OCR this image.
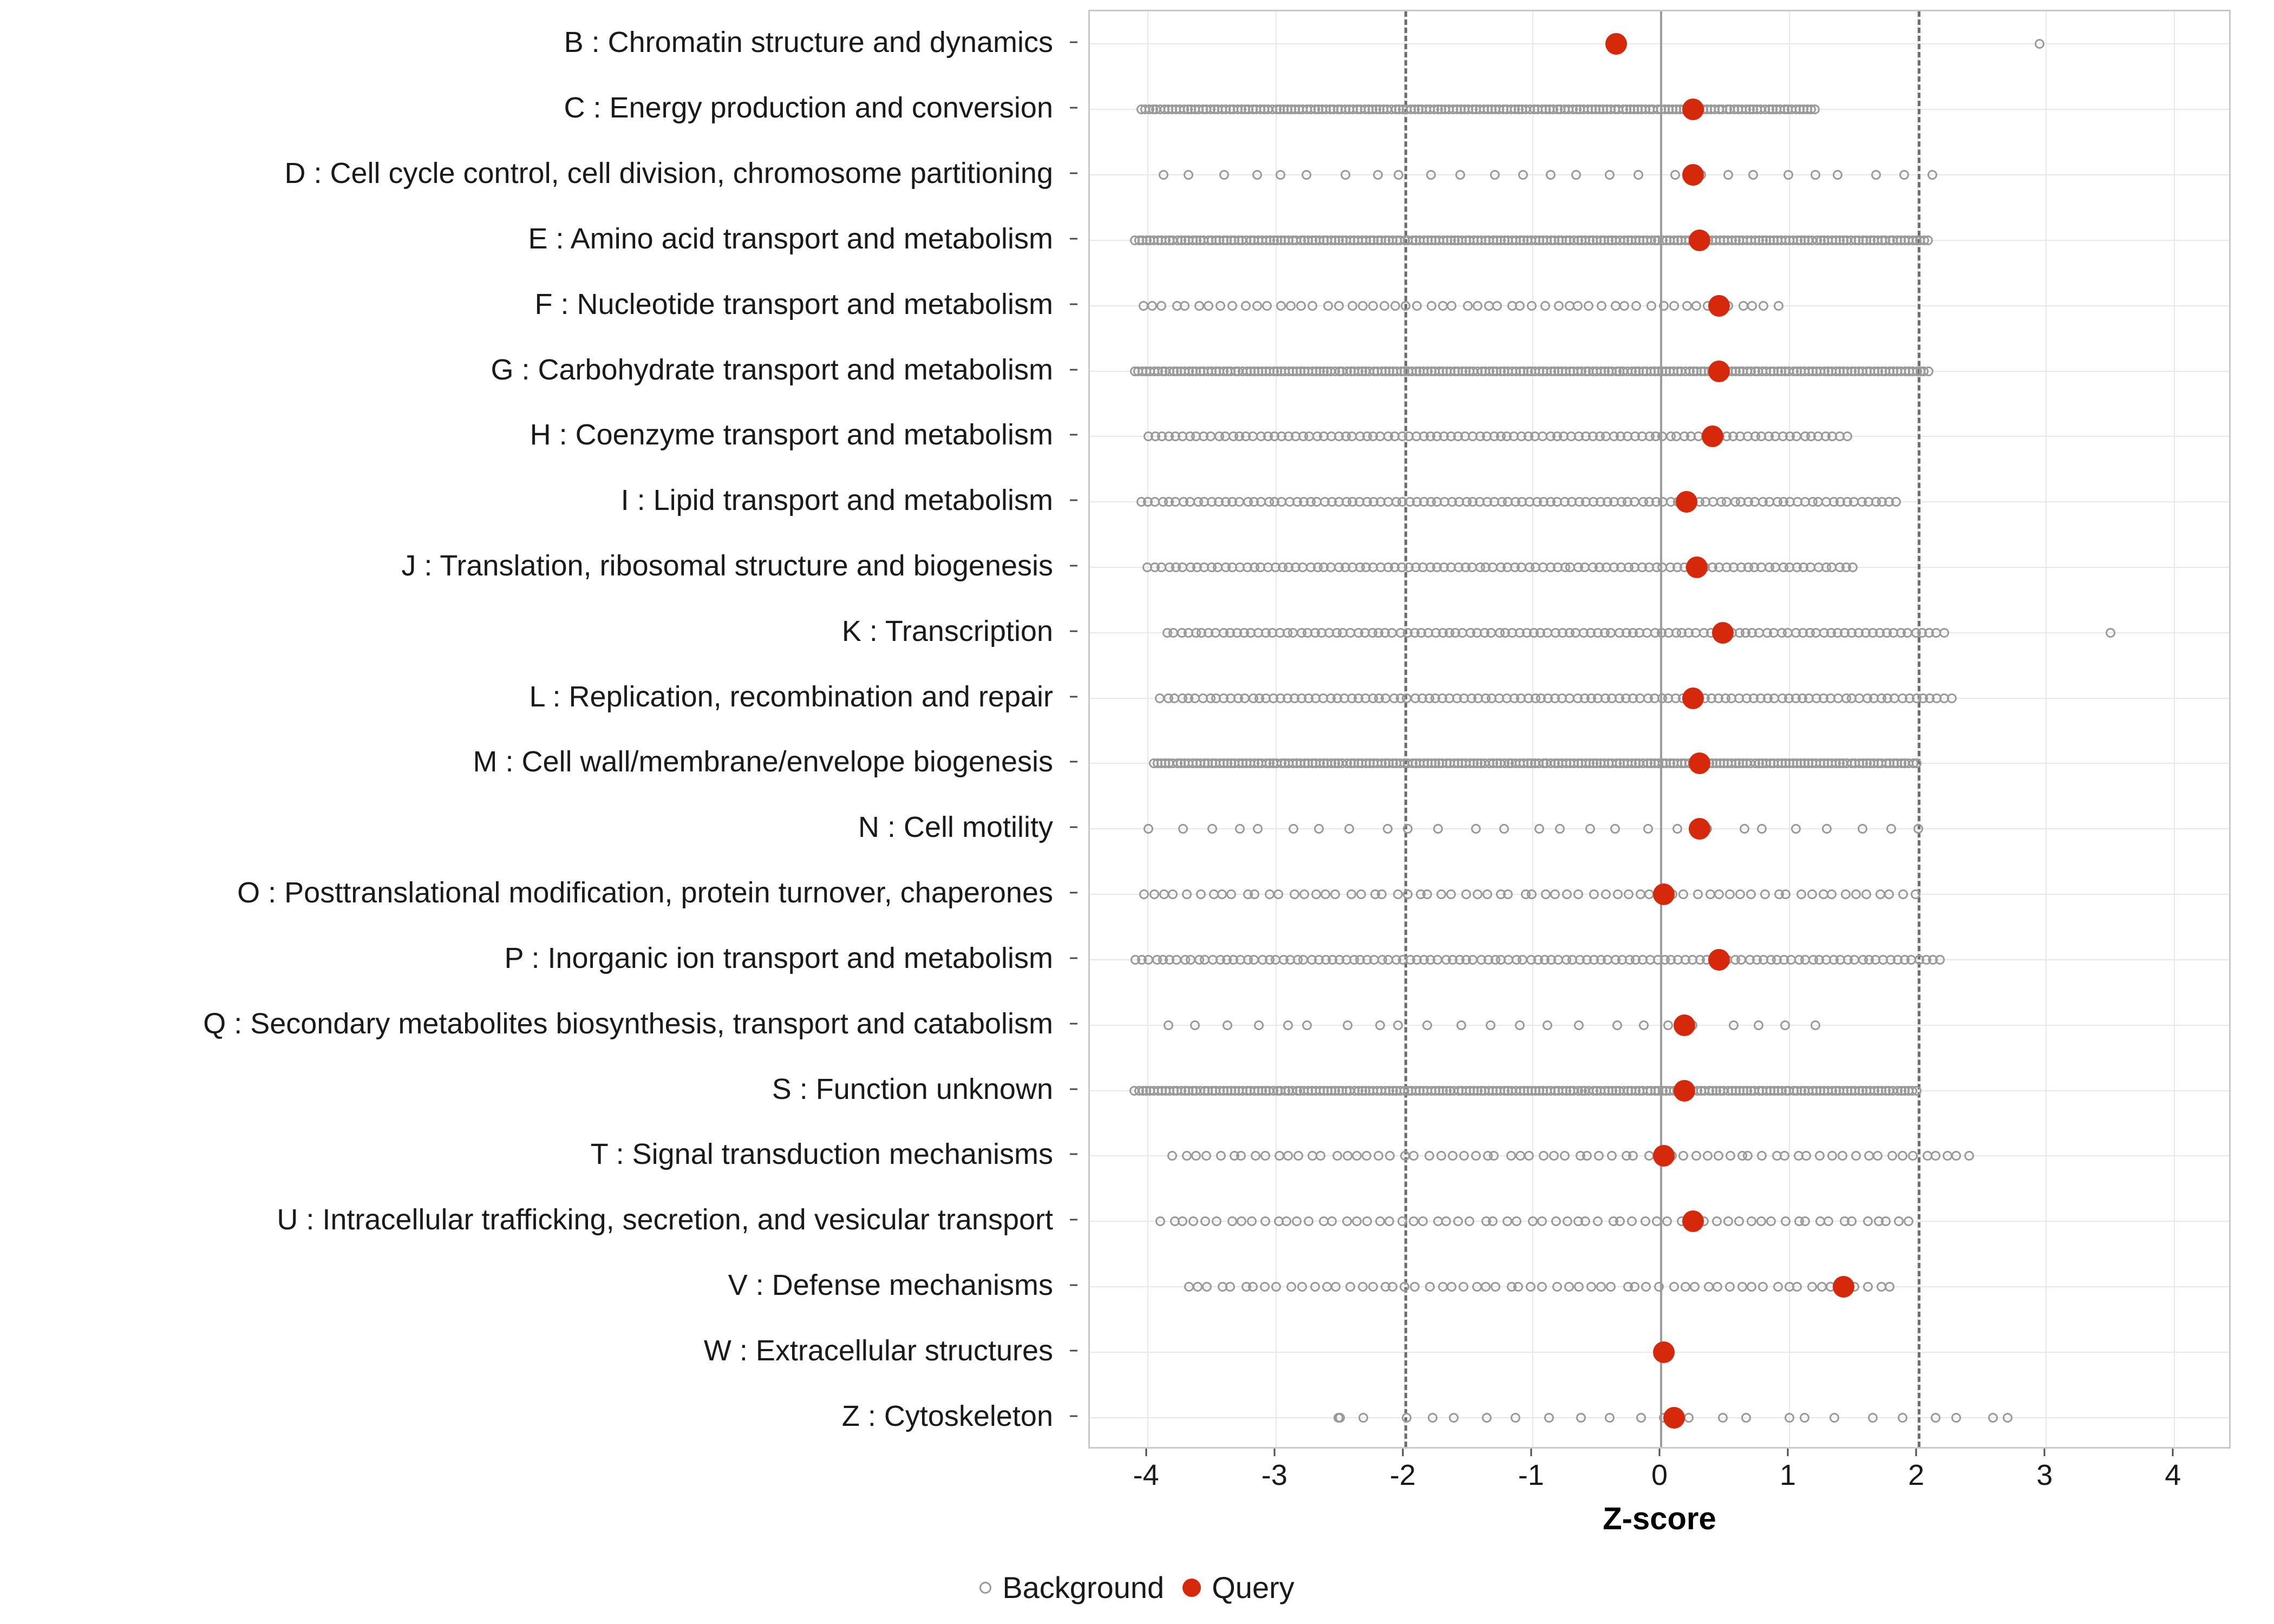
B : Chromatin structure and dynamics
C : Energy production and conversion
D : Cell cycle control, cell division, chromosome partitioning
E : Amino acid transport and metabolism
F : Nucleotide transport and metabolism
G : Carbohydrate transport and metabolism
H : Coenzyme transport and metabolism
I : Lipid transport and metabolism
J : Translation, ribosomal structure and biogenesis
K : Transcription
L : Replication, recombination and repair
M : Cell wall/membrane/envelope biogenesis
N : Cell motility
O : Posttranslational modification, protein turnover, chaperones
P : Inorganic ion transport and metabolism
Q : Secondary metabolites biosynthesis, transport and catabolism
S : Function unknown
T : Signal transduction mechanisms
U : Intracellular trafficking, secretion, and vesicular transport
V : Defense mechanisms
W : Extracellular structures
Z : Cytoskeleton
-4	-3	-2	-1	0	1	2	3	4
Z-score
Background Query
